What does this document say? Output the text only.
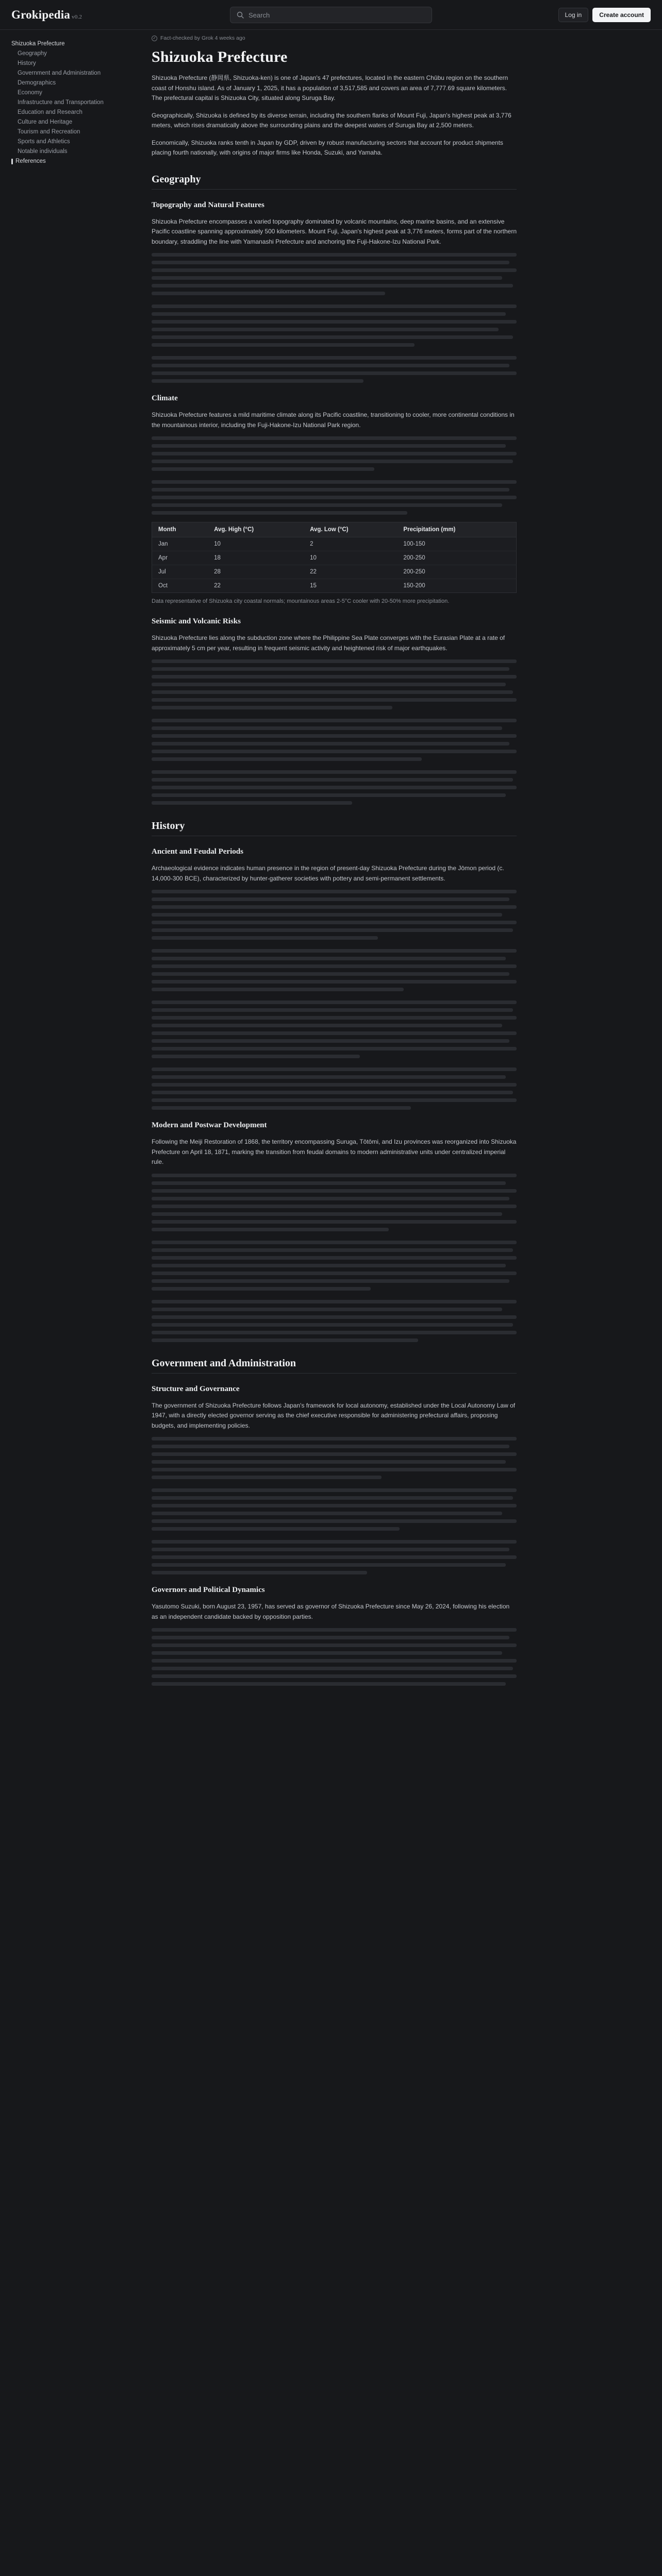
Grokipedia v0.2
Search	Log in	Create account
Shizuoka Prefecture
Geography
History
Government and Administration
Demographics
Economy
Infrastructure and Transportation
Education and Research
Culture and Heritage
Tourism and Recreation
Sports and Athletics
Notable individuals
References
✓ Fact-checked by Grok 4 weeks ago
Shizuoka Prefecture

Shizuoka Prefecture (静岡県, Shizuoka-ken) is one of Japan's 47 prefectures, located in the eastern Chūbu region on the southern coast of Honshu island. As of January 1, 2025, it has a population of 3,517,585 and covers an area of 7,777.69 square kilometers. The prefectural capital is Shizuoka City, situated along Suruga Bay.

Geographically, Shizuoka is defined by its diverse terrain, including the southern flanks of Mount Fuji, Japan's highest peak at 3,776 meters, which rises dramatically above the surrounding plains and the deepest waters of Suruga Bay at 2,500 meters.

Economically, Shizuoka ranks tenth in Japan by GDP, driven by robust manufacturing sectors that account for product shipments placing fourth nationally, with origins of major firms like Honda, Suzuki, and Yamaha.

Geography
Topography and Natural Features

Shizuoka Prefecture encompasses a varied topography dominated by volcanic mountains, deep marine basins, and an extensive Pacific coastline spanning approximately 500 kilometers. Mount Fuji, Japan's highest peak at 3,776 meters, forms part of the northern boundary, straddling the line with Yamanashi Prefecture and anchoring the Fuji-Hakone-Izu National Park.

Climate

Shizuoka Prefecture features a mild maritime climate along its Pacific coastline, transitioning to cooler, more continental conditions in the mountainous interior, including the Fuji-Hakone-Izu National Park region.

Month	Avg. High (°C)	Avg. Low (°C)	Precipitation (mm)
Jan	10	2	100-150
Apr	18	10	200-250
Jul	28	22	200-250
Oct	22	15	150-200

Data representative of Shizuoka city coastal normals; mountainous areas 2-5°C cooler with 20-50% more precipitation.

Seismic and Volcanic Risks

Shizuoka Prefecture lies along the subduction zone where the Philippine Sea Plate converges with the Eurasian Plate at a rate of approximately 5 cm per year, resulting in frequent seismic activity and heightened risk of major earthquakes.

History
Ancient and Feudal Periods

Archaeological evidence indicates human presence in the region of present-day Shizuoka Prefecture during the Jōmon period (c. 14,000-300 BCE), characterized by hunter-gatherer societies with pottery and semi-permanent settlements.

Modern and Postwar Development

Following the Meiji Restoration of 1868, the territory encompassing Suruga, Tōtōmi, and Izu provinces was reorganized into Shizuoka Prefecture on April 18, 1871, marking the transition from feudal domains to modern administrative units under centralized imperial rule.

Government and Administration
Structure and Governance

The government of Shizuoka Prefecture follows Japan's framework for local autonomy, established under the Local Autonomy Law of 1947, with a directly elected governor serving as the chief executive responsible for administering prefectural affairs, proposing budgets, and implementing policies.

Governors and Political Dynamics

Yasutomo Suzuki, born August 23, 1957, has served as governor of Shizuoka Prefecture since May 26, 2024, following his election as an independent candidate backed by opposition parties.
